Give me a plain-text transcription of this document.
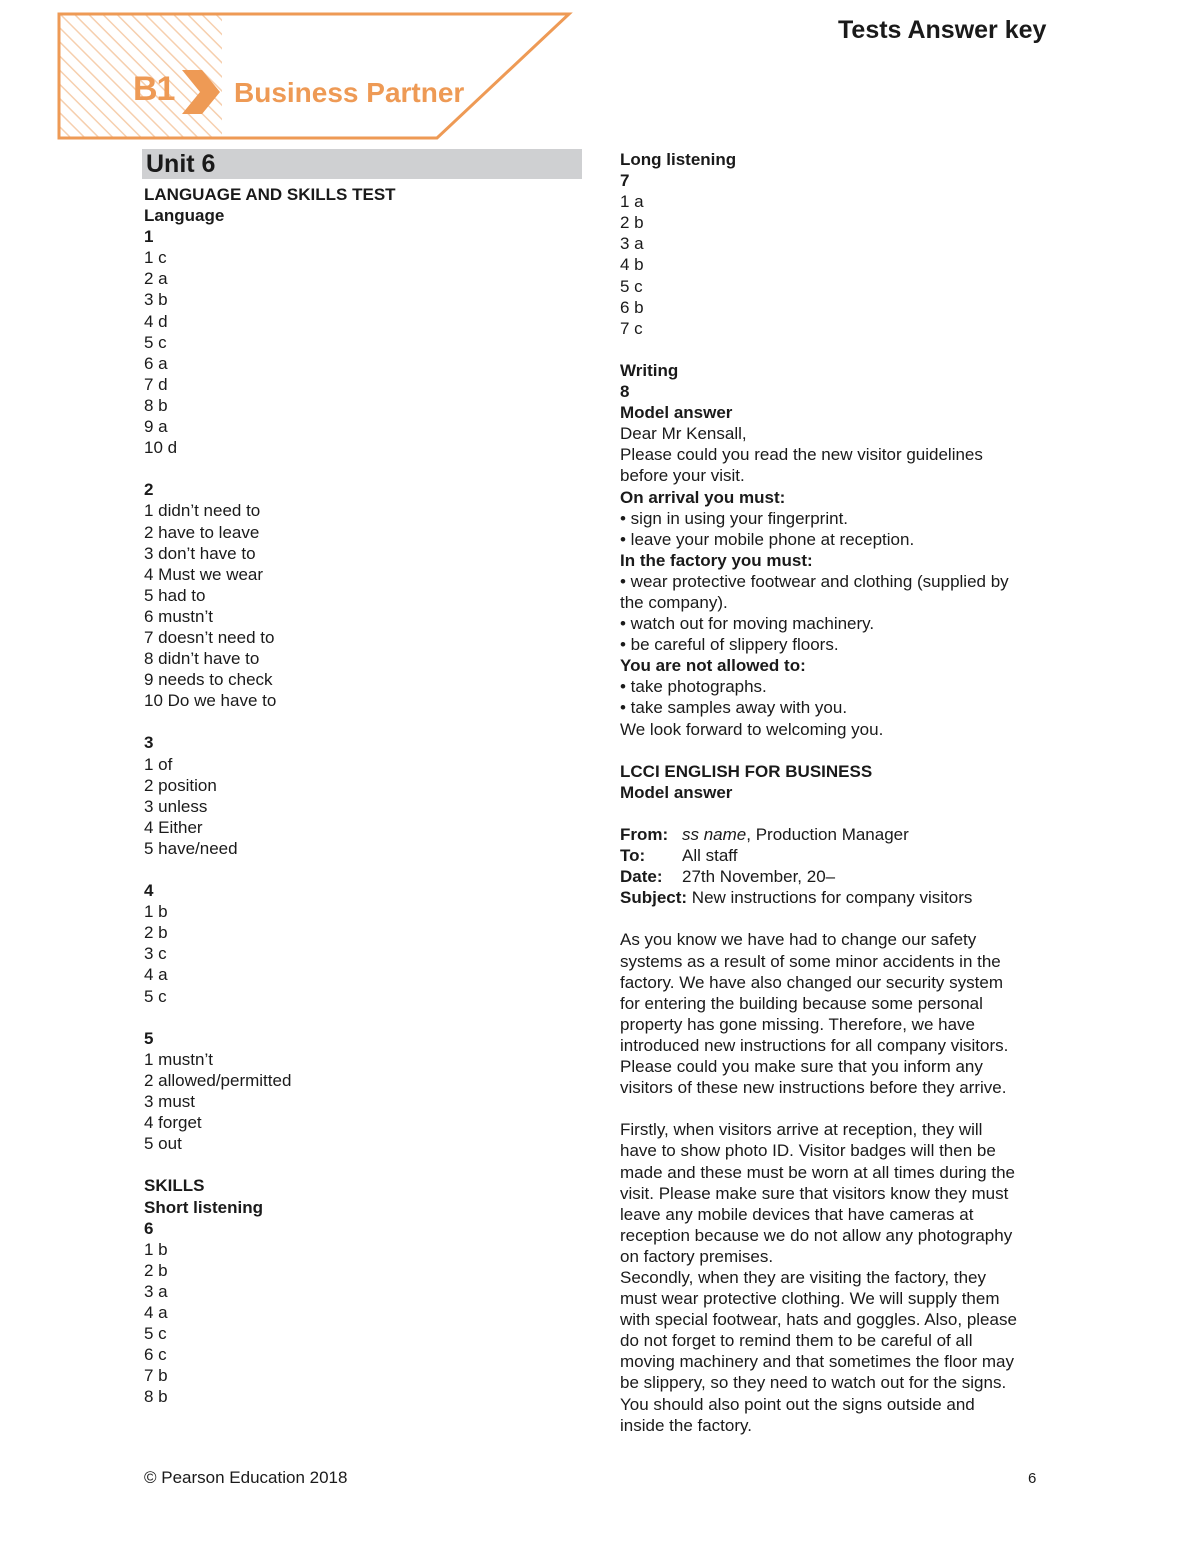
B1 Business Partner
Tests Answer key
Unit 6
LANGUAGE AND SKILLS TEST
Language
1
1 c
2 a
3 b
4 d
5 c
6 a
7 d
8 b
9 a
10 d
2
1 didn’t need to
2 have to leave
3 don’t have to
4 Must we wear
5 had to
6 mustn’t
7 doesn’t need to
8 didn’t have to
9 needs to check
10 Do we have to
3
1 of
2 position
3 unless
4 Either
5 have/need
4
1 b
2 b
3 c
4 a
5 c
5
1 mustn’t
2 allowed/permitted
3 must
4 forget
5 out
SKILLS
Short listening
6
1 b
2 b
3 a
4 a
5 c
6 c
7 b
8 b
Long listening
7
1 a
2 b
3 a
4 b
5 c
6 b
7 c
Writing
8
Model answer
Dear Mr Kensall,
Please could you read the new visitor guidelines
before your visit.
On arrival you must:
• sign in using your fingerprint.
• leave your mobile phone at reception.
In the factory you must:
• wear protective footwear and clothing (supplied by
the company).
• watch out for moving machinery.
• be careful of slippery floors.
You are not allowed to:
• take photographs.
• take samples away with you.
We look forward to welcoming you.
LCCI ENGLISH FOR BUSINESS
Model answer
From: ss name, Production Manager
To: All staff
Date: 27th November, 20–
Subject: New instructions for company visitors
As you know we have had to change our safety
systems as a result of some minor accidents in the
factory. We have also changed our security system
for entering the building because some personal
property has gone missing. Therefore, we have
introduced new instructions for all company visitors.
Please could you make sure that you inform any
visitors of these new instructions before they arrive.
Firstly, when visitors arrive at reception, they will
have to show photo ID. Visitor badges will then be
made and these must be worn at all times during the
visit. Please make sure that visitors know they must
leave any mobile devices that have cameras at
reception because we do not allow any photography
on factory premises.
Secondly, when they are visiting the factory, they
must wear protective clothing. We will supply them
with special footwear, hats and goggles. Also, please
do not forget to remind them to be careful of all
moving machinery and that sometimes the floor may
be slippery, so they need to watch out for the signs.
You should also point out the signs outside and
inside the factory.
© Pearson Education 2018	6
